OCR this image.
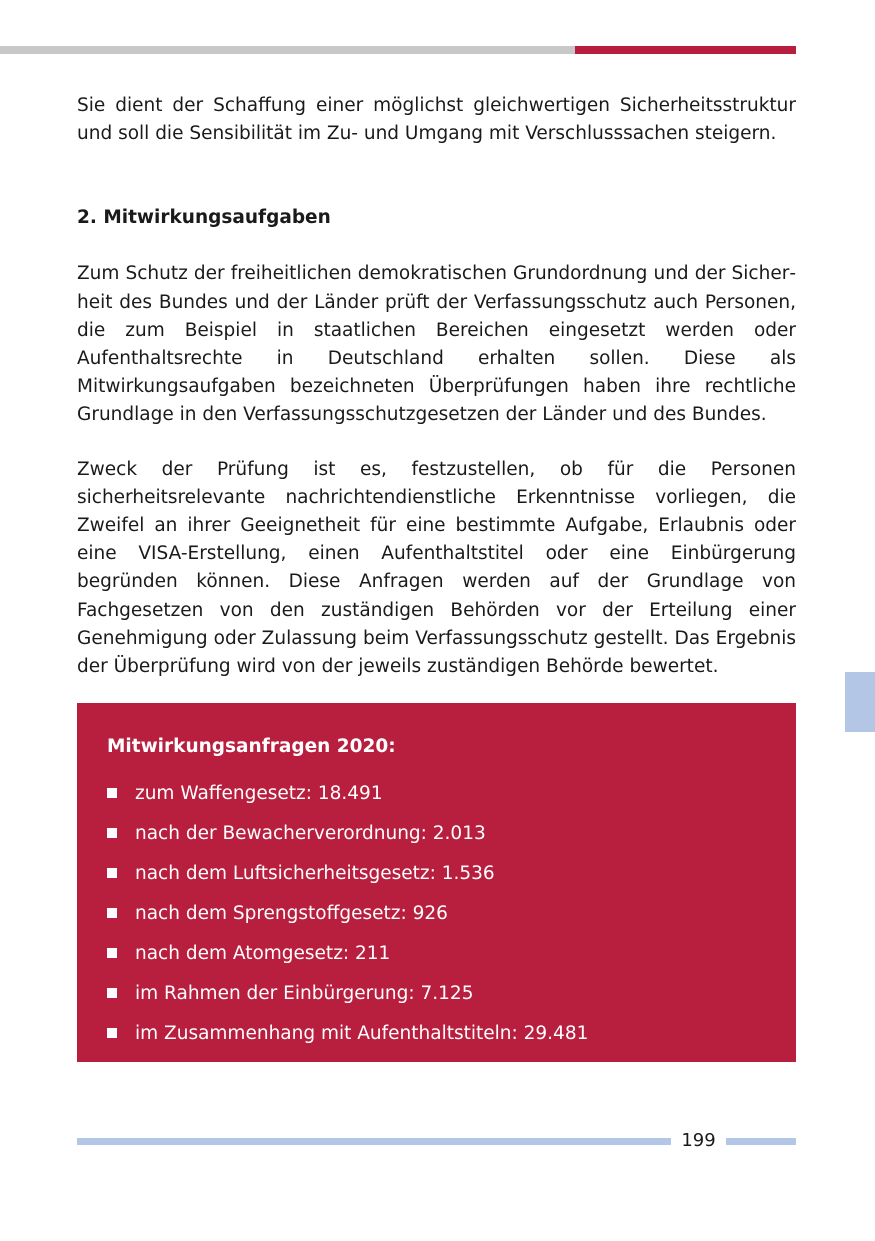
Sie dient der Schaffung einer möglichst gleichwertigen Sicherheitsstruktur und soll die Sensibilität im Zu- und Umgang mit Verschlusssachen steigern.

2. Mitwirkungsaufgaben

Zum Schutz der freiheitlichen demokratischen Grundordnung und der Sicherheit des Bundes und der Länder prüft der Verfassungsschutz auch Personen, die zum Beispiel in staatlichen Bereichen eingesetzt werden oder Aufenthaltsrechte in Deutschland erhalten sollen. Diese als Mitwirkungsaufgaben bezeichneten Überprüfungen haben ihre rechtliche Grundlage in den Verfassungsschutzgesetzen der Länder und des Bundes.

Zweck der Prüfung ist es, festzustellen, ob für die Personen sicherheitsrelevante nachrichtendienstliche Erkenntnisse vorliegen, die Zweifel an ihrer Geeignetheit für eine bestimmte Aufgabe, Erlaubnis oder eine VISA-Erstellung, einen Aufenthaltstitel oder eine Einbürgerung begründen können. Diese Anfragen werden auf der Grundlage von Fachgesetzen von den zuständigen Behörden vor der Erteilung einer Genehmigung oder Zulassung beim Verfassungsschutz gestellt. Das Ergebnis der Überprüfung wird von der jeweils zuständigen Behörde bewertet.

Mitwirkungsanfragen 2020:
zum Waffengesetz: 18.491
nach der Bewacherverordnung: 2.013
nach dem Luftsicherheitsgesetz: 1.536
nach dem Sprengstoffgesetz: 926
nach dem Atomgesetz: 211
im Rahmen der Einbürgerung: 7.125
im Zusammenhang mit Aufenthaltstiteln: 29.481
199
